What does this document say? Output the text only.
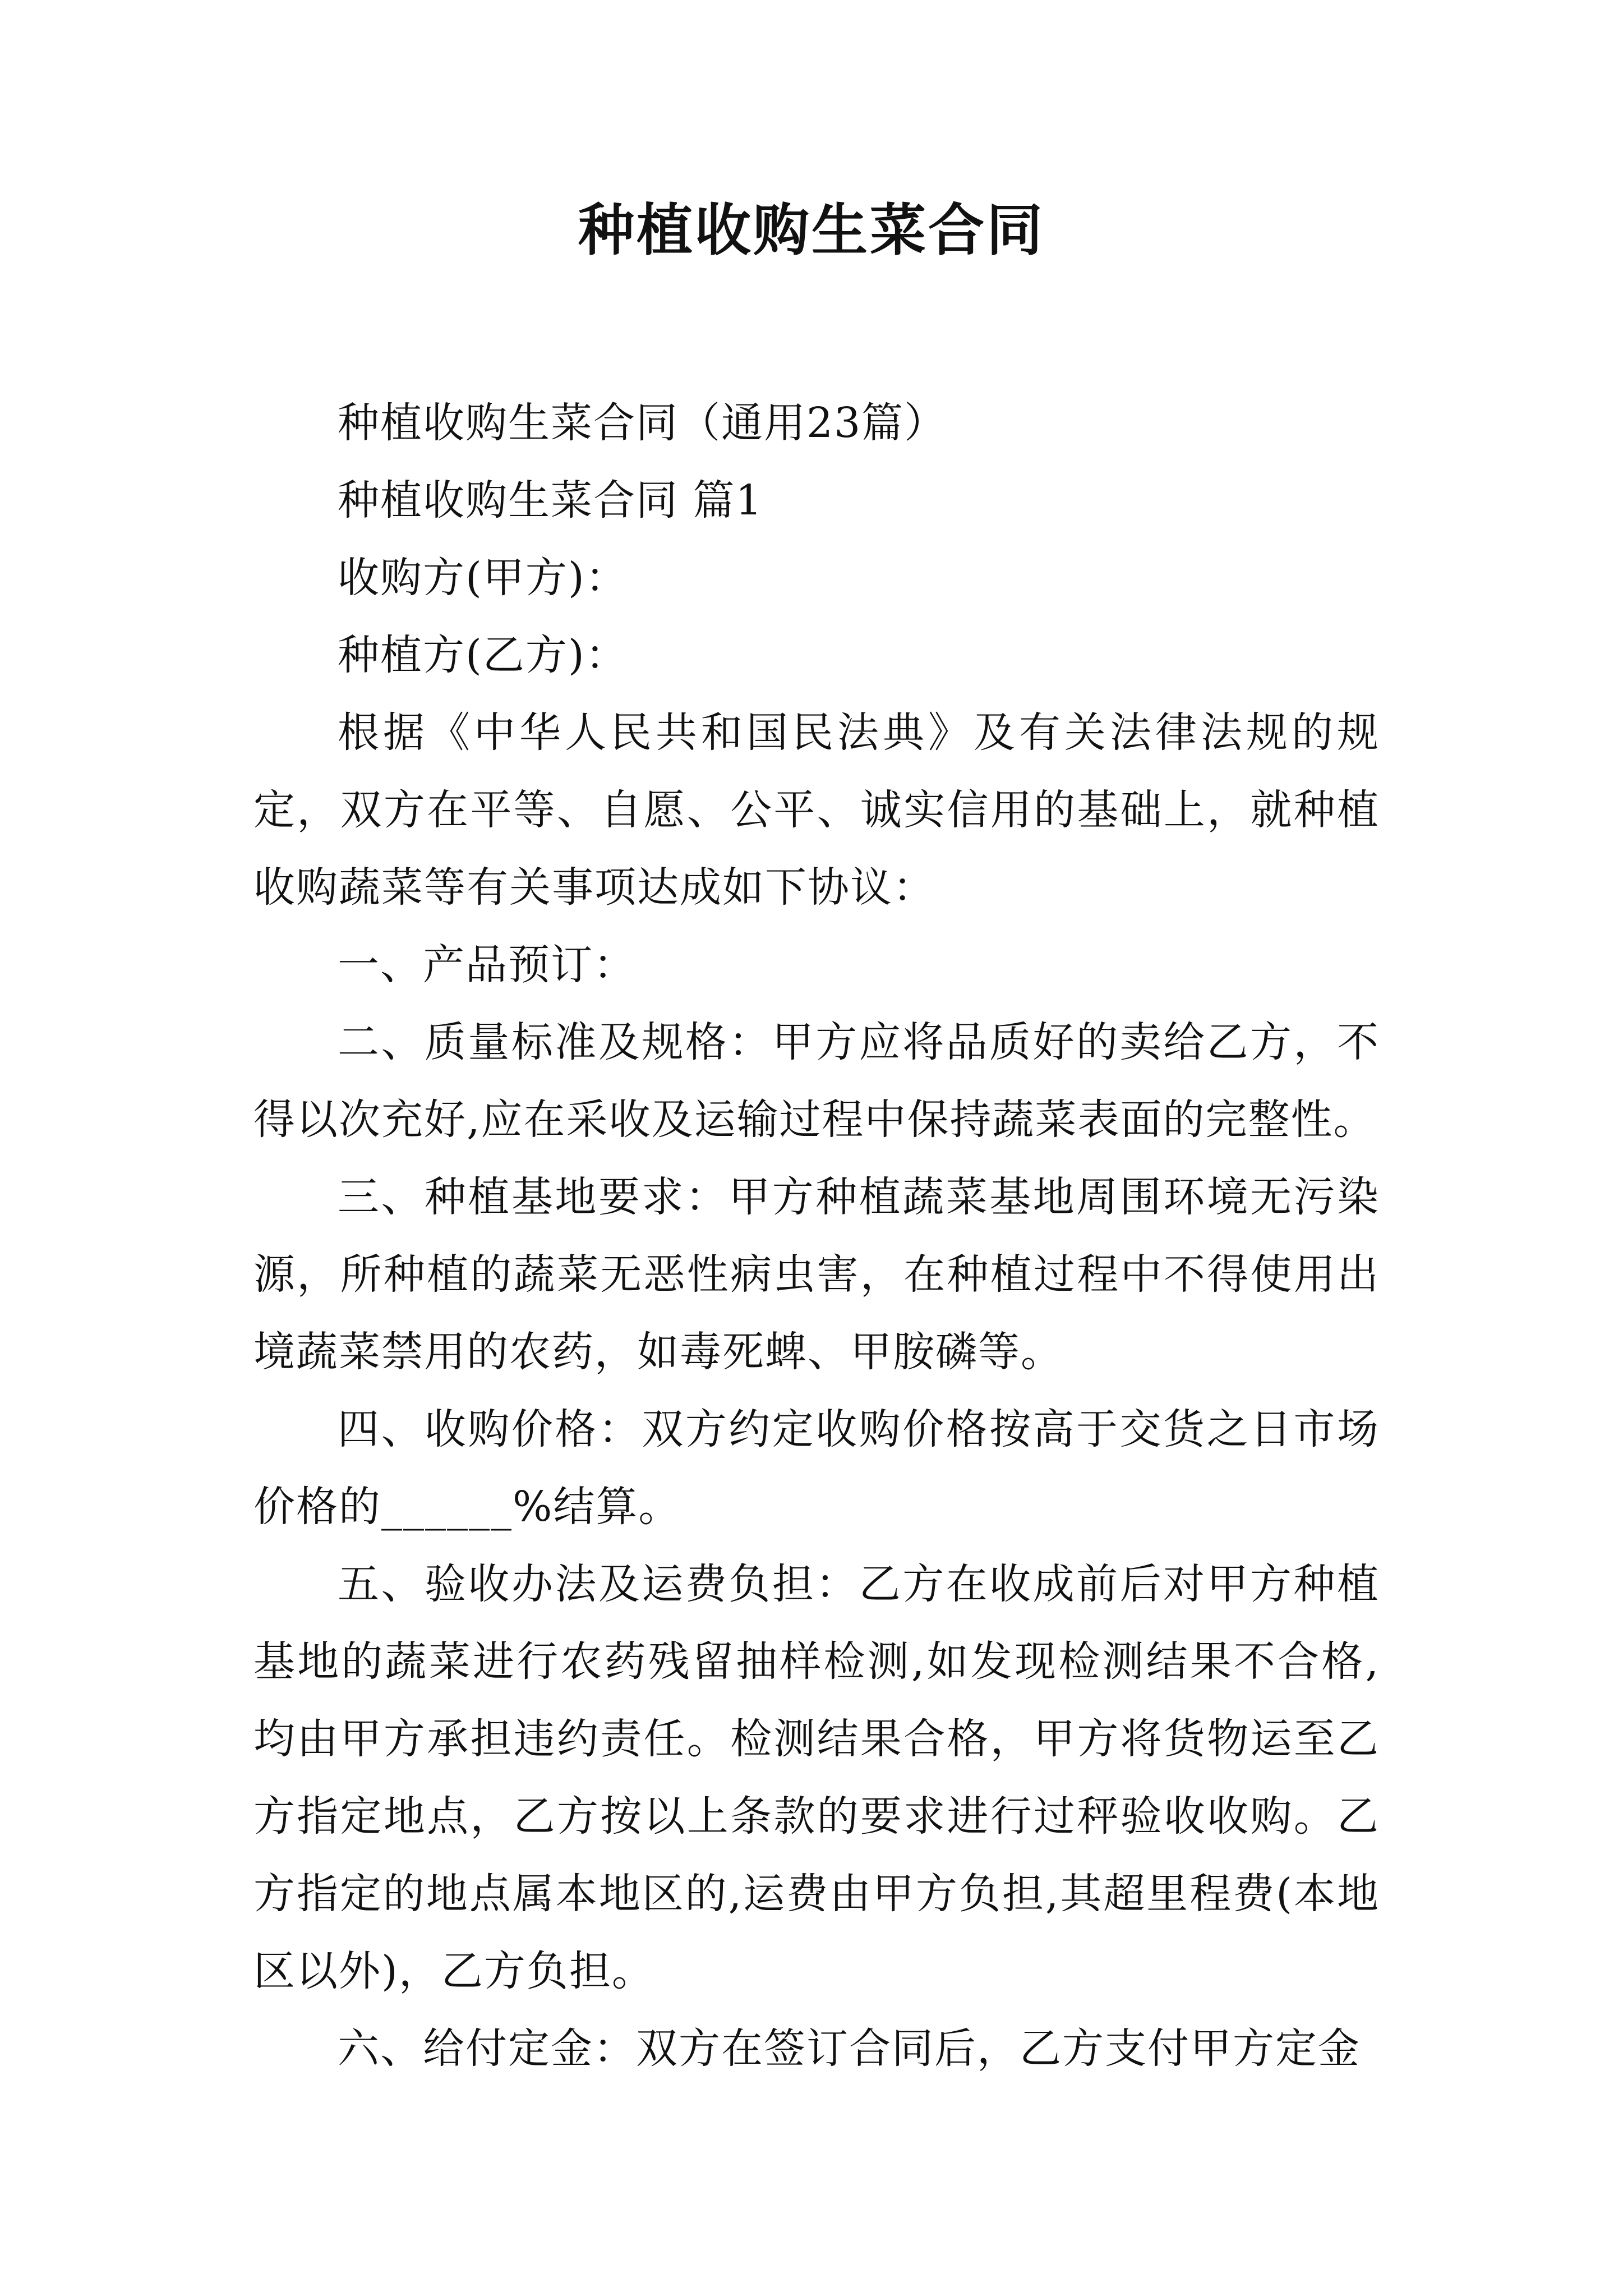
种植收购生菜合同

种植收购生菜合同（通用23篇）

种植收购生菜合同 篇1

收购方(甲方)：

种植方(乙方)：

根据《中华人民共和国民法典》及有关法律法规的规定，双方在平等、自愿、公平、诚实信用的基础上，就种植收购蔬菜等有关事项达成如下协议：

一、产品预订：

二、质量标准及规格：甲方应将品质好的卖给乙方，不得以次充好,应在采收及运输过程中保持蔬菜表面的完整性。

三、种植基地要求：甲方种植蔬菜基地周围环境无污染源，所种植的蔬菜无恶性病虫害，在种植过程中不得使用出境蔬菜禁用的农药，如毒死蜱、甲胺磷等。

四、收购价格：双方约定收购价格按高于交货之日市场价格的______%结算。

五、验收办法及运费负担：乙方在收成前后对甲方种植基地的蔬菜进行农药残留抽样检测,如发现检测结果不合格,均由甲方承担违约责任。检测结果合格，甲方将货物运至乙方指定地点，乙方按以上条款的要求进行过秤验收收购。乙方指定的地点属本地区的,运费由甲方负担,其超里程费(本地区以外)，乙方负担。

六、给付定金：双方在签订合同后，乙方支付甲方定金
